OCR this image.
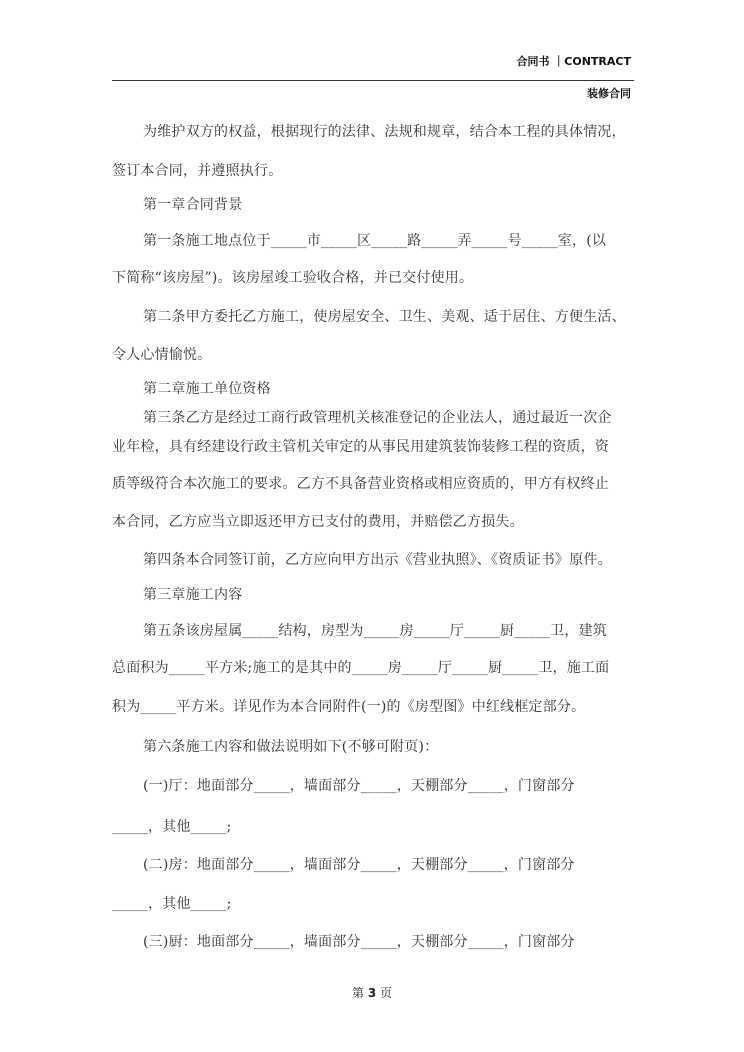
合同书 ｜CONTRACT
装修合同
为维护双方的权益，根据现行的法律、法规和规章，结合本工程的具体情况，
签订本合同，并遵照执行。
第一章合同背景
第一条施工地点位于_____市_____区_____路_____弄_____号_____室，(以
下简称“该房屋”)。该房屋竣工验收合格，并已交付使用。
第二条甲方委托乙方施工，使房屋安全、卫生、美观、适于居住、方便生活、
令人心情愉悦。
第二章施工单位资格
第三条乙方是经过工商行政管理机关核准登记的企业法人，通过最近一次企
业年检，具有经建设行政主管机关审定的从事民用建筑装饰装修工程的资质，资
质等级符合本次施工的要求。乙方不具备营业资格或相应资质的，甲方有权终止
本合同，乙方应当立即返还甲方已支付的费用，并赔偿乙方损失。
第四条本合同签订前，乙方应向甲方出示《营业执照》、《资质证书》原件。
第三章施工内容
第五条该房屋属_____结构，房型为_____房_____厅_____厨_____卫，建筑
总面积为_____平方米;施工的是其中的_____房_____厅_____厨_____卫，施工面
积为_____平方米。详见作为本合同附件(一)的《房型图》中红线框定部分。
第六条施工内容和做法说明如下(不够可附页)：
(一)厅：地面部分_____，墙面部分_____，天棚部分_____，门窗部分
_____，其他_____;
(二)房：地面部分_____，墙面部分_____，天棚部分_____，门窗部分
_____，其他_____;
(三)厨：地面部分_____，墙面部分_____，天棚部分_____，门窗部分
第 3 页
